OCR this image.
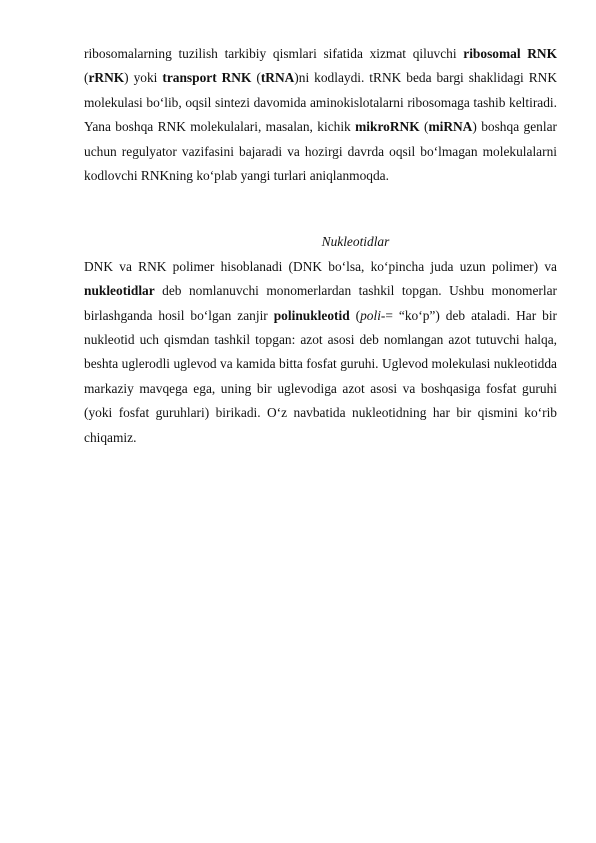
ribosomalarning tuzilish tarkibiy qismlari sifatida xizmat qiluvchi ribosomal RNK (rRNK) yoki transport RNK (tRNA)ni kodlaydi. tRNK beda bargi shaklidagi RNK molekulasi bo‘lib, oqsil sintezi davomida aminokislotalarni ribosomaga tashib keltiradi. Yana boshqa RNK molekulalari, masalan, kichik mikroRNK (miRNA) boshqa genlar uchun regulyator vazifasini bajaradi va hozirgi davrda oqsil bo‘lmagan molekulalarni kodlovchi RNKning ko‘plab yangi turlari aniqlanmoqda.

Nukleotidlar

DNK va RNK polimer hisoblanadi (DNK bo‘lsa, ko‘pincha juda uzun polimer) va nukleotidlar deb nomlanuvchi monomerlardan tashkil topgan. Ushbu monomerlar birlashganda hosil bo‘lgan zanjir polinukleotid (poli-= “ko‘p”) deb ataladi. Har bir nukleotid uch qismdan tashkil topgan: azot asosi deb nomlangan azot tutuvchi halqa, beshta uglerodli uglevod va kamida bitta fosfat guruhi. Uglevod molekulasi nukleotidda markaziy mavqega ega, uning bir uglevodiga azot asosi va boshqasiga fosfat guruhi (yoki fosfat guruhlari) birikadi. O‘z navbatida nukleotidning har bir qismini ko‘rib chiqamiz.
